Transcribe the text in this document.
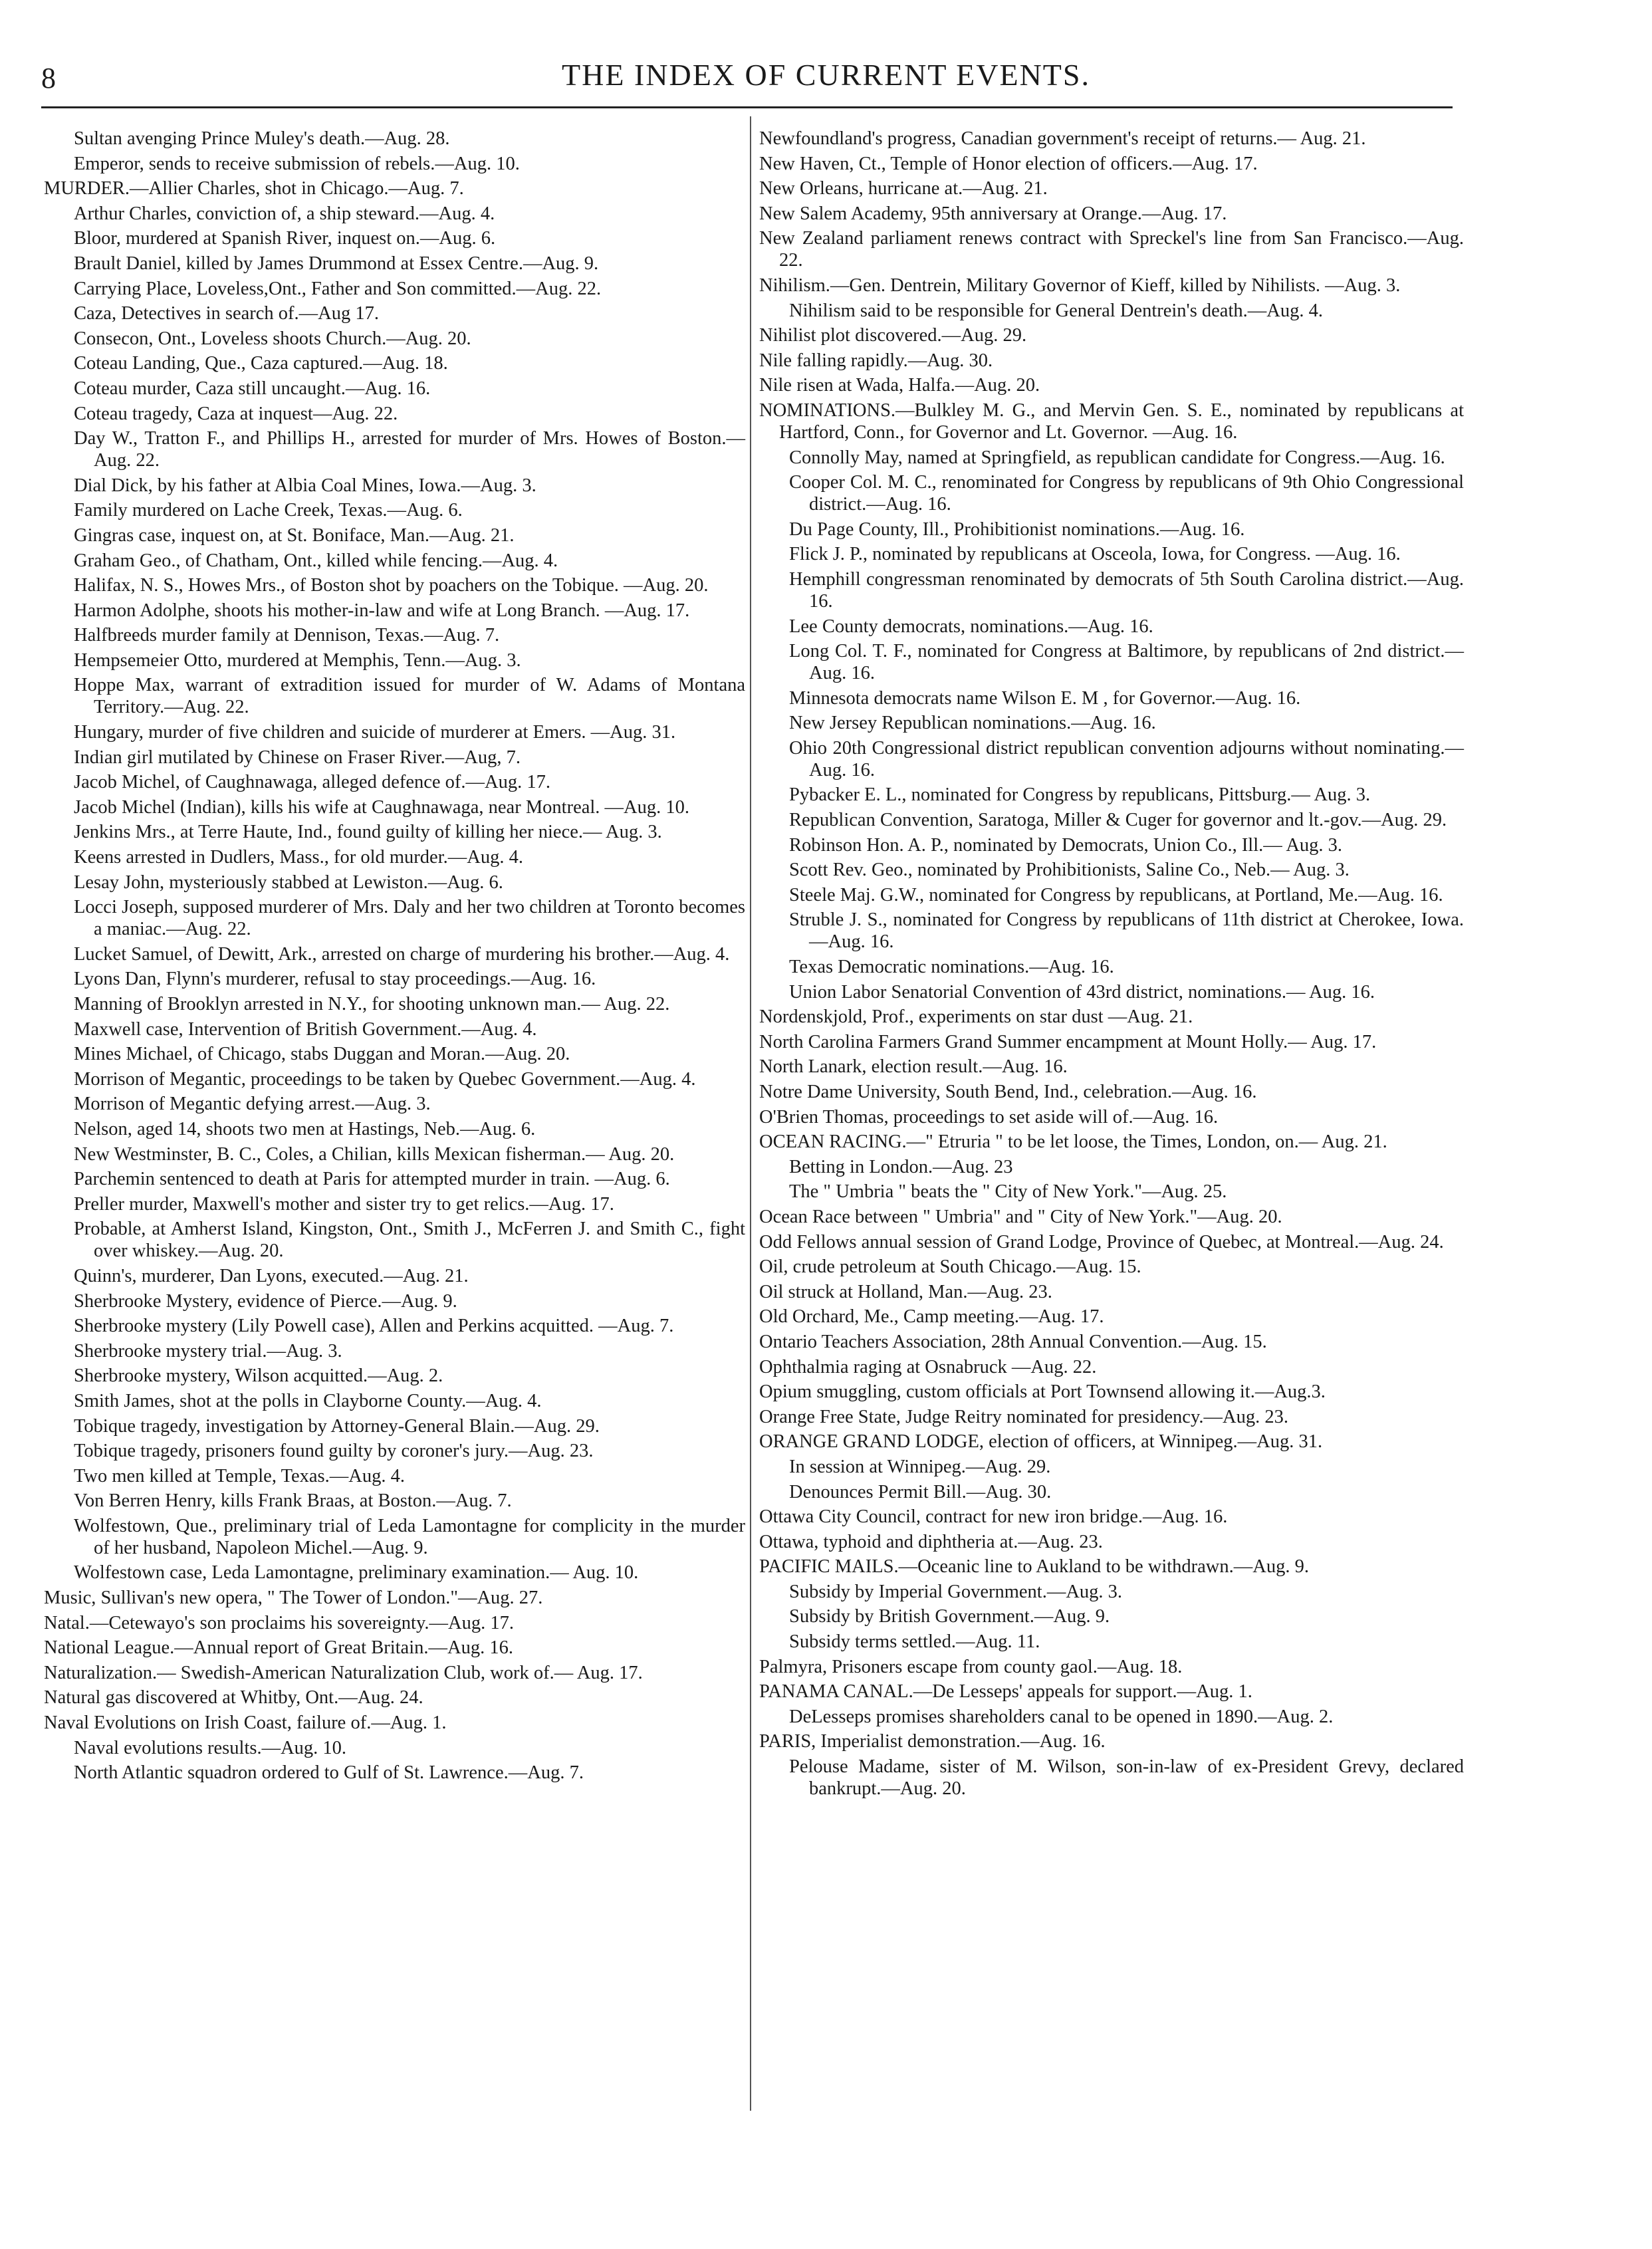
8	THE INDEX OF CURRENT EVENTS.

Sultan avenging Prince Muley's death.—Aug. 28.

Emperor, sends to receive submission of rebels.—Aug. 10.

MURDER.—Allier Charles, shot in Chicago.—Aug. 7.

Arthur Charles, conviction of, a ship steward.—Aug. 4.

Bloor, murdered at Spanish River, inquest on.—Aug. 6.

Brault Daniel, killed by James Drummond at Essex Centre.—Aug. 9.

Carrying Place, Loveless,Ont., Father and Son committed.—Aug. 22.

Caza, Detectives in search of.—Aug 17.

Consecon, Ont., Loveless shoots Church.—Aug. 20.

Coteau Landing, Que., Caza captured.—Aug. 18.

Coteau murder, Caza still uncaught.—Aug. 16.

Coteau tragedy, Caza at inquest—Aug. 22.

Day W., Tratton F., and Phillips H., arrested for murder of Mrs. Howes of Boston.—Aug. 22.

Dial Dick, by his father at Albia Coal Mines, Iowa.—Aug. 3.

Family murdered on Lache Creek, Texas.—Aug. 6.

Gingras case, inquest on, at St. Boniface, Man.—Aug. 21.

Graham Geo., of Chatham, Ont., killed while fencing.—Aug. 4.

Halifax, N. S., Howes Mrs., of Boston shot by poachers on the Tobique. —Aug. 20.

Harmon Adolphe, shoots his mother-in-law and wife at Long Branch. —Aug. 17.

Halfbreeds murder family at Dennison, Texas.—Aug. 7.

Hempsemeier Otto, murdered at Memphis, Tenn.—Aug. 3.

Hoppe Max, warrant of extradition issued for murder of W. Adams of Montana Territory.—Aug. 22.

Hungary, murder of five children and suicide of murderer at Emers. —Aug. 31.

Indian girl mutilated by Chinese on Fraser River.—Aug, 7.

Jacob Michel, of Caughnawaga, alleged defence of.—Aug. 17.

Jacob Michel (Indian), kills his wife at Caughnawaga, near Montreal. —Aug. 10.

Jenkins Mrs., at Terre Haute, Ind., found guilty of killing her niece.— Aug. 3.

Keens arrested in Dudlers, Mass., for old murder.—Aug. 4.

Lesay John, mysteriously stabbed at Lewiston.—Aug. 6.

Locci Joseph, supposed murderer of Mrs. Daly and her two children at Toronto becomes a maniac.—Aug. 22.

Lucket Samuel, of Dewitt, Ark., arrested on charge of murdering his brother.—Aug. 4.

Lyons Dan, Flynn's murderer, refusal to stay proceedings.—Aug. 16.

Manning of Brooklyn arrested in N.Y., for shooting unknown man.— Aug. 22.

Maxwell case, Intervention of British Government.—Aug. 4.

Mines Michael, of Chicago, stabs Duggan and Moran.—Aug. 20.

Morrison of Megantic, proceedings to be taken by Quebec Government.—Aug. 4.

Morrison of Megantic defying arrest.—Aug. 3.

Nelson, aged 14, shoots two men at Hastings, Neb.—Aug. 6.

New Westminster, B. C., Coles, a Chilian, kills Mexican fisherman.— Aug. 20.

Parchemin sentenced to death at Paris for attempted murder in train. —Aug. 6.

Preller murder, Maxwell's mother and sister try to get relics.—Aug. 17.

Probable, at Amherst Island, Kingston, Ont., Smith J., McFerren J. and Smith C., fight over whiskey.—Aug. 20.

Quinn's, murderer, Dan Lyons, executed.—Aug. 21.

Sherbrooke Mystery, evidence of Pierce.—Aug. 9.

Sherbrooke mystery (Lily Powell case), Allen and Perkins acquitted. —Aug. 7.

Sherbrooke mystery trial.—Aug. 3.

Sherbrooke mystery, Wilson acquitted.—Aug. 2.

Smith James, shot at the polls in Clayborne County.—Aug. 4.

Tobique tragedy, investigation by Attorney-General Blain.—Aug. 29.

Tobique tragedy, prisoners found guilty by coroner's jury.—Aug. 23.

Two men killed at Temple, Texas.—Aug. 4.

Von Berren Henry, kills Frank Braas, at Boston.—Aug. 7.

Wolfestown, Que., preliminary trial of Leda Lamontagne for complicity in the murder of her husband, Napoleon Michel.—Aug. 9.

Wolfestown case, Leda Lamontagne, preliminary examination.— Aug. 10.

Music, Sullivan's new opera, " The Tower of London."—Aug. 27.

Natal.—Cetewayo's son proclaims his sovereignty.—Aug. 17.

National League.—Annual report of Great Britain.—Aug. 16.

Naturalization.— Swedish-American Naturalization Club, work of.— Aug. 17.

Natural gas discovered at Whitby, Ont.—Aug. 24.

Naval Evolutions on Irish Coast, failure of.—Aug. 1.

Naval evolutions results.—Aug. 10.

North Atlantic squadron ordered to Gulf of St. Lawrence.—Aug. 7.

Newfoundland's progress, Canadian government's receipt of returns.— Aug. 21.

New Haven, Ct., Temple of Honor election of officers.—Aug. 17.

New Orleans, hurricane at.—Aug. 21.

New Salem Academy, 95th anniversary at Orange.—Aug. 17.

New Zealand parliament renews contract with Spreckel's line from San Francisco.—Aug. 22.

Nihilism.—Gen. Dentrein, Military Governor of Kieff, killed by Nihilists. —Aug. 3.

Nihilism said to be responsible for General Dentrein's death.—Aug. 4.

Nihilist plot discovered.—Aug. 29.

Nile falling rapidly.—Aug. 30.

Nile risen at Wada, Halfa.—Aug. 20.

NOMINATIONS.—Bulkley M. G., and Mervin Gen. S. E., nominated by republicans at Hartford, Conn., for Governor and Lt. Governor. —Aug. 16.

Connolly May, named at Springfield, as republican candidate for Congress.—Aug. 16.

Cooper Col. M. C., renominated for Congress by republicans of 9th Ohio Congressional district.—Aug. 16.

Du Page County, Ill., Prohibitionist nominations.—Aug. 16.

Flick J. P., nominated by republicans at Osceola, Iowa, for Congress. —Aug. 16.

Hemphill congressman renominated by democrats of 5th South Carolina district.—Aug. 16.

Lee County democrats, nominations.—Aug. 16.

Long Col. T. F., nominated for Congress at Baltimore, by republicans of 2nd district.—Aug. 16.

Minnesota democrats name Wilson E. M , for Governor.—Aug. 16.

New Jersey Republican nominations.—Aug. 16.

Ohio 20th Congressional district republican convention adjourns without nominating.—Aug. 16.

Pybacker E. L., nominated for Congress by republicans, Pittsburg.— Aug. 3.

Republican Convention, Saratoga, Miller & Cuger for governor and lt.-gov.—Aug. 29.

Robinson Hon. A. P., nominated by Democrats, Union Co., Ill.— Aug. 3.

Scott Rev. Geo., nominated by Prohibitionists, Saline Co., Neb.— Aug. 3.

Steele Maj. G.W., nominated for Congress by republicans, at Portland, Me.—Aug. 16.

Struble J. S., nominated for Congress by republicans of 11th district at Cherokee, Iowa.—Aug. 16.

Texas Democratic nominations.—Aug. 16.

Union Labor Senatorial Convention of 43rd district, nominations.— Aug. 16.

Nordenskjold, Prof., experiments on star dust —Aug. 21.

North Carolina Farmers Grand Summer encampment at Mount Holly.— Aug. 17.

North Lanark, election result.—Aug. 16.

Notre Dame University, South Bend, Ind., celebration.—Aug. 16.

O'Brien Thomas, proceedings to set aside will of.—Aug. 16.

OCEAN RACING.—" Etruria " to be let loose, the Times, London, on.— Aug. 21.

Betting in London.—Aug. 23

The " Umbria " beats the " City of New York."—Aug. 25.

Ocean Race between " Umbria" and " City of New York."—Aug. 20.

Odd Fellows annual session of Grand Lodge, Province of Quebec, at Montreal.—Aug. 24.

Oil, crude petroleum at South Chicago.—Aug. 15.

Oil struck at Holland, Man.—Aug. 23.

Old Orchard, Me., Camp meeting.—Aug. 17.

Ontario Teachers Association, 28th Annual Convention.—Aug. 15.

Ophthalmia raging at Osnabruck —Aug. 22.

Opium smuggling, custom officials at Port Townsend allowing it.—Aug.3.

Orange Free State, Judge Reitry nominated for presidency.—Aug. 23.

ORANGE GRAND LODGE, election of officers, at Winnipeg.—Aug. 31.

In session at Winnipeg.—Aug. 29.

Denounces Permit Bill.—Aug. 30.

Ottawa City Council, contract for new iron bridge.—Aug. 16.

Ottawa, typhoid and diphtheria at.—Aug. 23.

PACIFIC MAILS.—Oceanic line to Aukland to be withdrawn.—Aug. 9.

Subsidy by Imperial Government.—Aug. 3.

Subsidy by British Government.—Aug. 9.

Subsidy terms settled.—Aug. 11.

Palmyra, Prisoners escape from county gaol.—Aug. 18.

PANAMA CANAL.—De Lesseps' appeals for support.—Aug. 1.

DeLesseps promises shareholders canal to be opened in 1890.—Aug. 2.

PARIS, Imperialist demonstration.—Aug. 16.

Pelouse Madame, sister of M. Wilson, son-in-law of ex-President Grevy, declared bankrupt.—Aug. 20.
